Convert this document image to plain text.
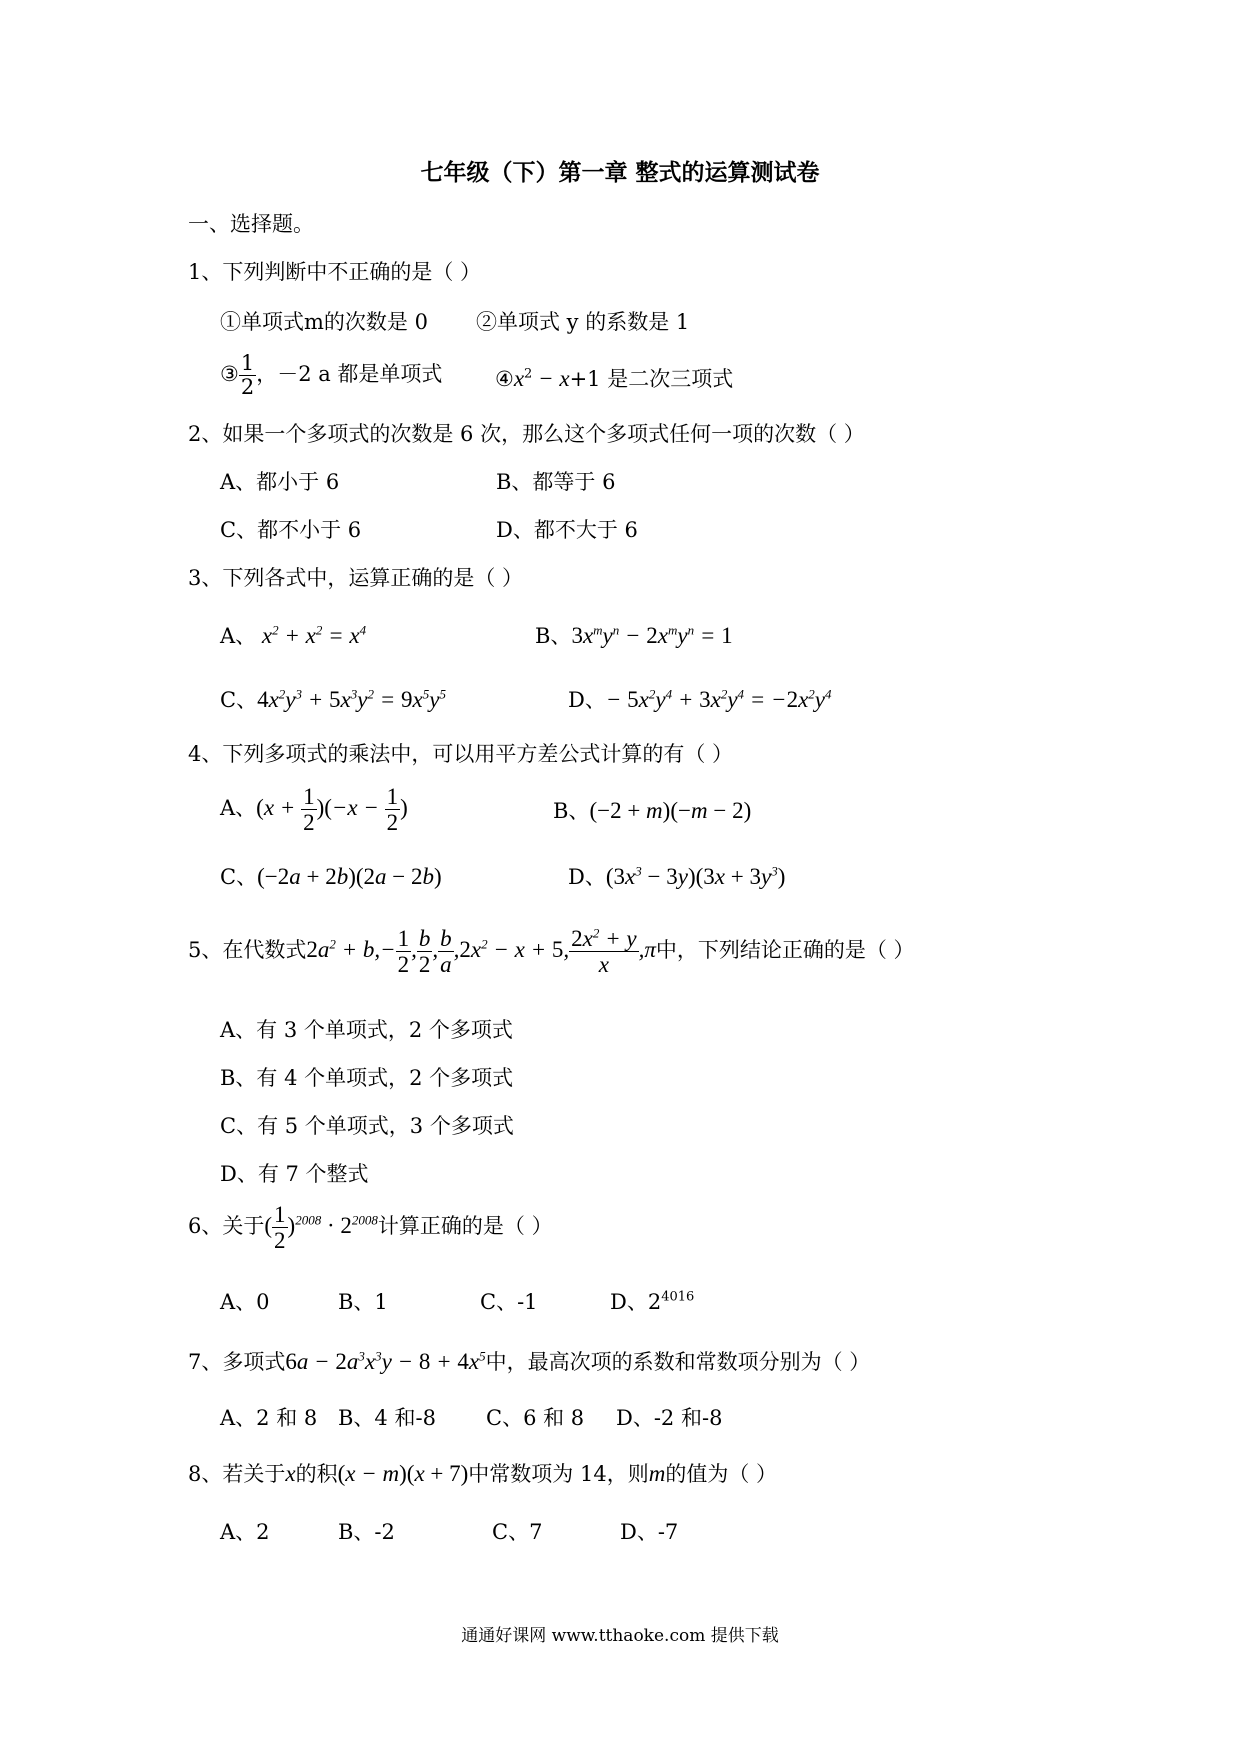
七年级（下）第一章 整式的运算测试卷
一、选择题。
1、下列判断中不正确的是（ ）
①单项式m的次数是 0 ②单项式 y 的系数是 1
③ $\frac{1}{2}$ ，－2 a 都是单项式	$④x^2 - x+1$ 是二次三项式
2、如果一个多项式的次数是 6 次，那么这个多项式任何一项的次数（ ）
A、都小于 6	B、都等于 6
C、都不小于 6	D、都不大于 6
3、下列各式中，运算正确的是（ ）
A、 $x^2 + x^2 = x^4$	B、$3x^my^n - 2x^my^n = 1$
C、$4x^2y^3 + 5x^3y^2 = 9x^5y^5$	D、− $5x^2y^4 + 3x^2y^4 = -2x^2y^4$
4、下列多项式的乘法中，可以用平方差公式计算的有（ ）
A、$(x + \frac{1}{2} )(-x - \frac{1}{2}$ )	B、(−2 + m)(−m − 2)
C、(−2a + 2b)(2a − 2b)	D、$(3x^3 - 3y)(3x + 3y^3)$
5、在代数式$2a^2 + b,- \frac{1}{2}$ , $\frac{b}{2}$ , $\frac{b}{a} ,2x^2 - x + 5$, $\frac{2x^2 + y}{x} ,\pi$中，下列结论正确的是（ ）
A、有 3 个单项式，2 个多项式
B、有 4 个单项式，2 个多项式
C、有 5 个单项式，3 个多项式
D、有 7 个整式
6、关于( $\frac{1}{2} )^{2008} \cdot 2^{2008}$计算正确的是（ ）
A、0	B、1	C、-1	D、$2^{4016}$
7、多项式$6a - 2a^3x^3y - 8 + 4x^5$中，最高次项的系数和常数项分别为（ ）
A、2 和 8 B、4 和-8 C、6 和 8 D、-2 和-8
8、若关于x的积(x − m)(x + 7)中常数项为 14，则m的值为（ ）
A、2	B、-2	C、7	D、-7
通通好课网 www.tthaoke.com 提供下载
